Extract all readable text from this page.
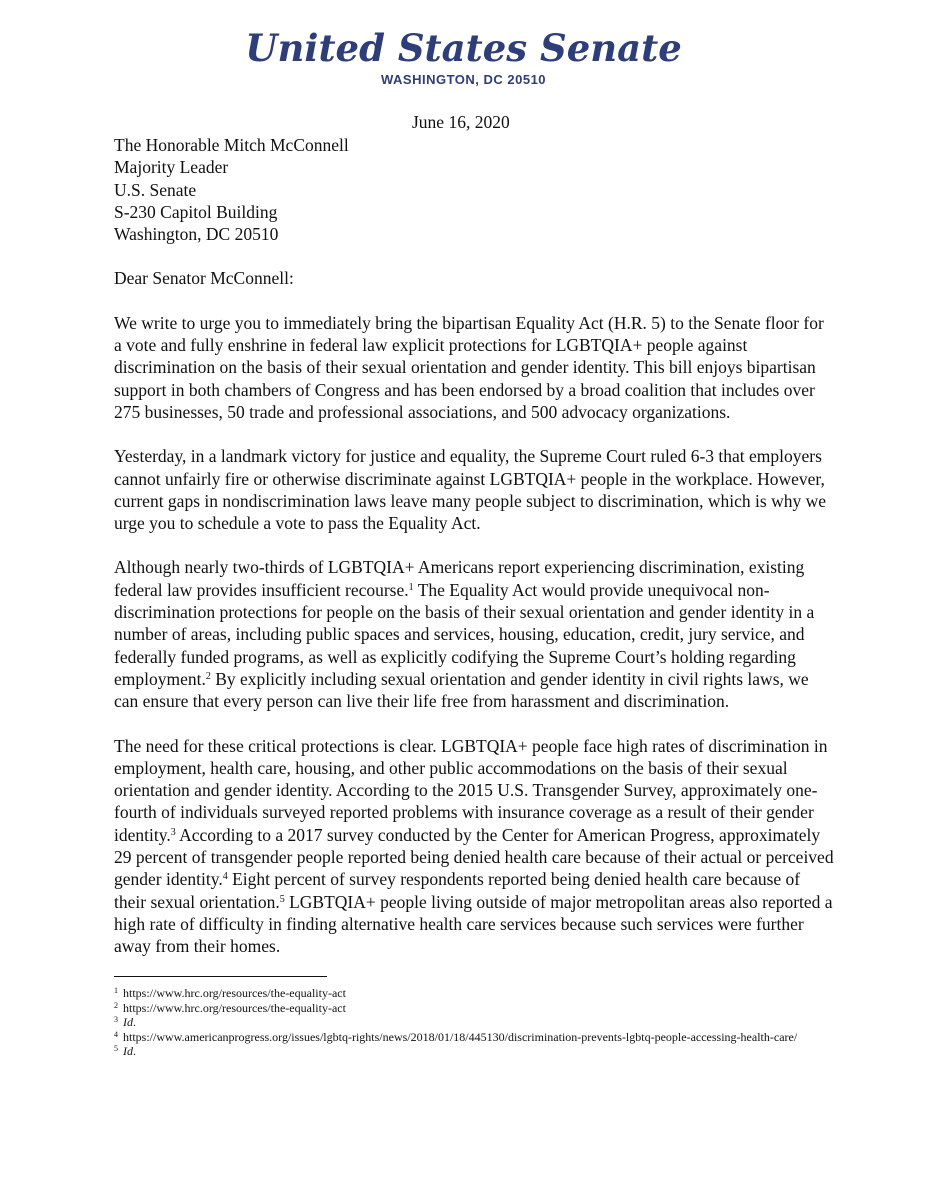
United States Senate
WASHINGTON, DC 20510
June 16, 2020
The Honorable Mitch McConnell
Majority Leader
U.S. Senate
S-230 Capitol Building
Washington, DC 20510
Dear Senator McConnell:

We write to urge you to immediately bring the bipartisan Equality Act (H.R. 5) to the Senate floor for a vote and fully enshrine in federal law explicit protections for LGBTQIA+ people against discrimination on the basis of their sexual orientation and gender identity. This bill enjoys bipartisan support in both chambers of Congress and has been endorsed by a broad coalition that includes over 275 businesses, 50 trade and professional associations, and 500 advocacy organizations.

Yesterday, in a landmark victory for justice and equality, the Supreme Court ruled 6-3 that employers cannot unfairly fire or otherwise discriminate against LGBTQIA+ people in the workplace. However, current gaps in nondiscrimination laws leave many people subject to discrimination, which is why we urge you to schedule a vote to pass the Equality Act.

Although nearly two-thirds of LGBTQIA+ Americans report experiencing discrimination, existing federal law provides insufficient recourse.$^1$ The Equality Act would provide unequivocal non-discrimination protections for people on the basis of their sexual orientation and gender identity in a number of areas, including public spaces and services, housing, education, credit, jury service, and federally funded programs, as well as explicitly codifying the Supreme Court’s holding regarding employment.$^2$ By explicitly including sexual orientation and gender identity in civil rights laws, we can ensure that every person can live their life free from harassment and discrimination.

The need for these critical protections is clear. LGBTQIA+ people face high rates of discrimination in employment, health care, housing, and other public accommodations on the basis of their sexual orientation and gender identity. According to the 2015 U.S. Transgender Survey, approximately one-fourth of individuals surveyed reported problems with insurance coverage as a result of their gender identity.$^3$ According to a 2017 survey conducted by the Center for American Progress, approximately 29 percent of transgender people reported being denied health care because of their actual or perceived gender identity.$^4$ Eight percent of survey respondents reported being denied health care because of their sexual orientation.$^5$ LGBTQIA+ people living outside of major metropolitan areas also reported a high rate of difficulty in finding alternative health care services because such services were further away from their homes.

$^1$ https://www.hrc.org/resources/the-equality-act
$^2$ https://www.hrc.org/resources/the-equality-act
$^3$ Id.
$^4$ https://www.americanprogress.org/issues/lgbtq-rights/news/2018/01/18/445130/discrimination-prevents-lgbtq-people-accessing-health-care/
$^5$ Id.
